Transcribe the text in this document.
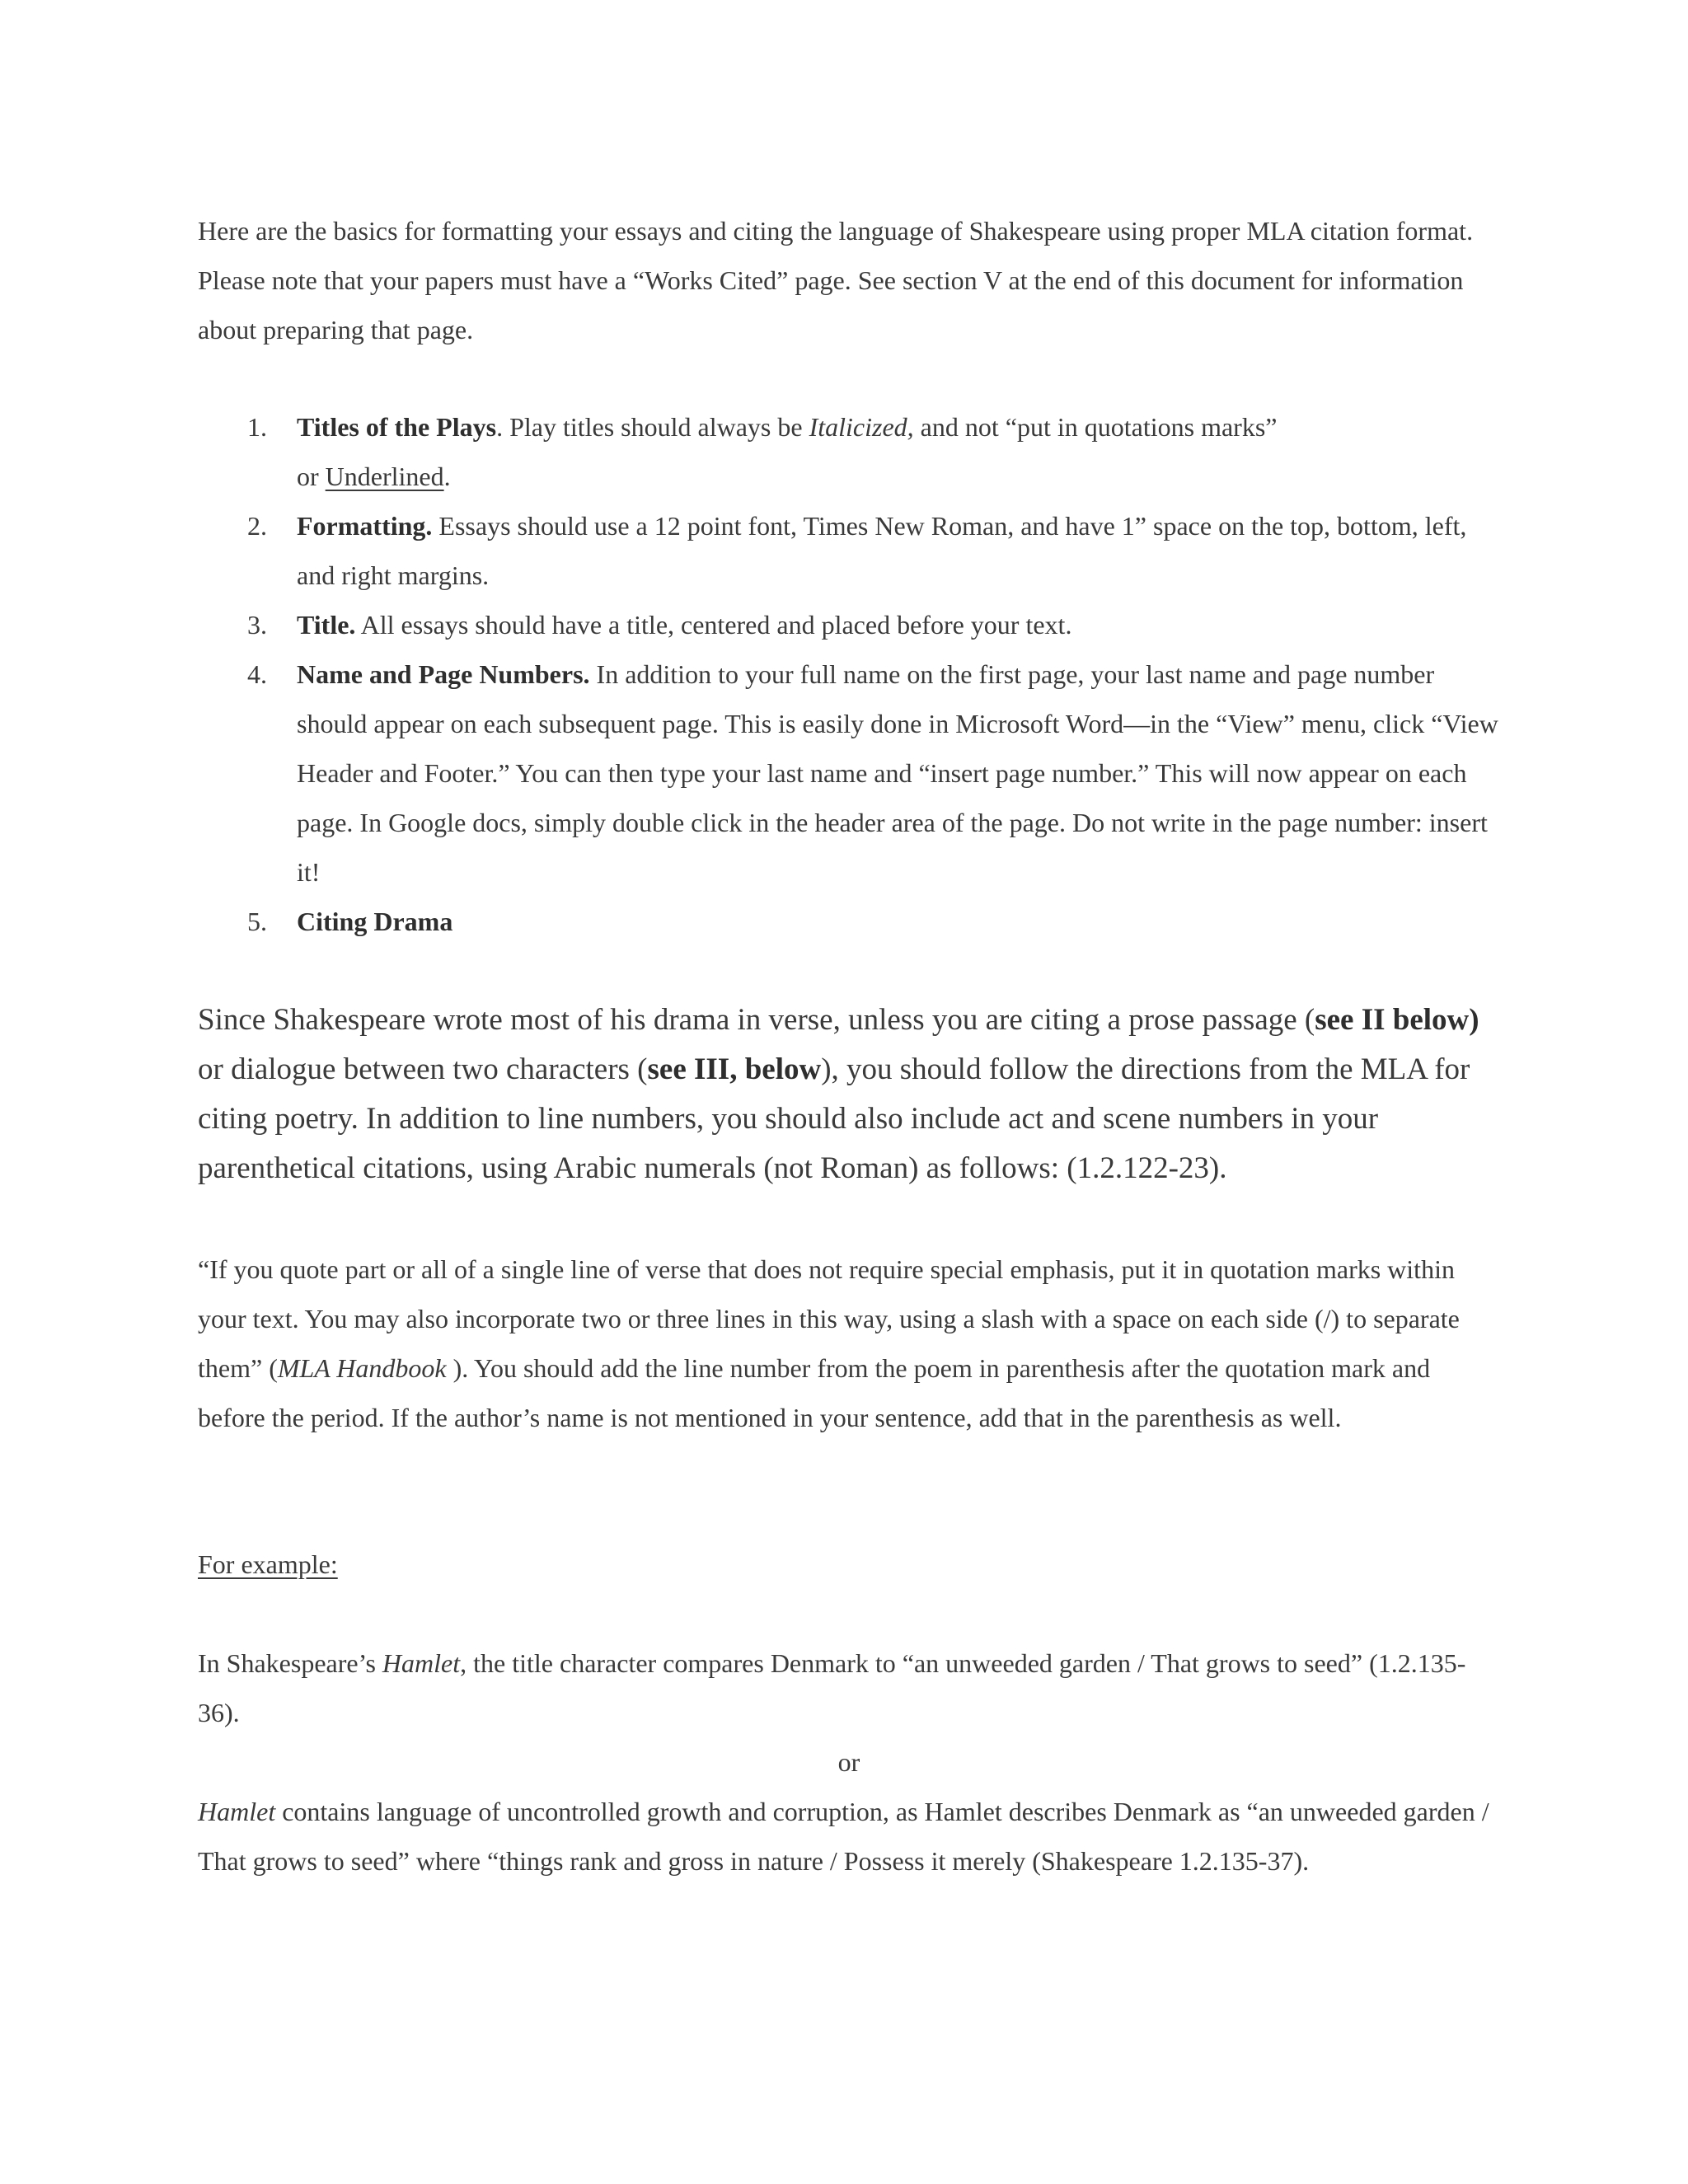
Here are the basics for formatting your essays and citing the language of Shakespeare using proper MLA citation format. Please note that your papers must have a “Works Cited” page. See section V at the end of this document for information about preparing that page.

1.	Titles of the Plays. Play titles should always be Italicized, and not “put in quotations marks”
or Underlined.
2.	Formatting. Essays should use a 12 point font, Times New Roman, and have 1” space on the top, bottom, left, and right margins.
3.	Title. All essays should have a title, centered and placed before your text.
4.	Name and Page Numbers. In addition to your full name on the first page, your last name and page number should appear on each subsequent page. This is easily done in Microsoft Word—in the “View” menu, click “View Header and Footer.” You can then type your last name and “insert page number.” This will now appear on each page. In Google docs, simply double click in the header area of the page. Do not write in the page number: insert it!
5.	Citing Drama

Since Shakespeare wrote most of his drama in verse, unless you are citing a prose passage (see II below) or dialogue between two characters (see III, below), you should follow the directions from the MLA for citing poetry. In addition to line numbers, you should also include act and scene numbers in your parenthetical citations, using Arabic numerals (not Roman) as follows: (1.2.122-23).

“If you quote part or all of a single line of verse that does not require special emphasis, put it in quotation marks within your text. You may also incorporate two or three lines in this way, using a slash with a space on each side (/) to separate them” (MLA Handbook ). You should add the line number from the poem in parenthesis after the quotation mark and before the period. If the author’s name is not mentioned in your sentence, add that in the parenthesis as well.

For example:

In Shakespeare’s Hamlet, the title character compares Denmark to “an unweeded garden / That grows to seed” (1.2.135-36).

or

Hamlet contains language of uncontrolled growth and corruption, as Hamlet describes Denmark as “an unweeded garden / That grows to seed” where “things rank and gross in nature / Possess it merely (Shakespeare 1.2.135-37).
